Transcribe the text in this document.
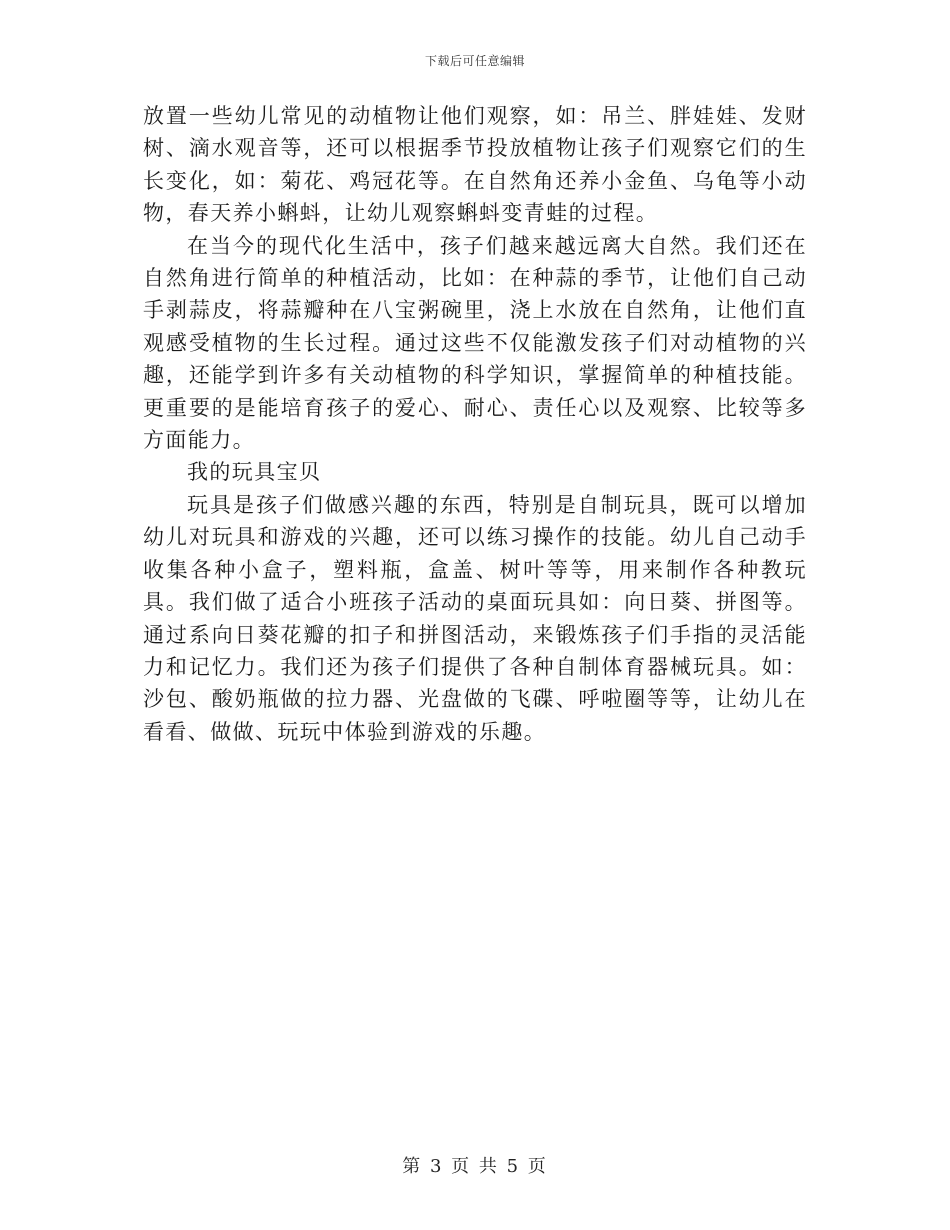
下载后可任意编辑

放置一些幼儿常见的动植物让他们观察，如：吊兰、胖娃娃、发财树、滴水观音等，还可以根据季节投放植物让孩子们观察它们的生长变化，如：菊花、鸡冠花等。在自然角还养小金鱼、乌龟等小动物，春天养小蝌蚪，让幼儿观察蝌蚪变青蛙的过程。

在当今的现代化生活中，孩子们越来越远离大自然。我们还在自然角进行简单的种植活动，比如：在种蒜的季节，让他们自己动手剥蒜皮，将蒜瓣种在八宝粥碗里，浇上水放在自然角，让他们直观感受植物的生长过程。通过这些不仅能激发孩子们对动植物的兴趣，还能学到许多有关动植物的科学知识，掌握简单的种植技能。更重要的是能培育孩子的爱心、耐心、责任心以及观察、比较等多方面能力。

我的玩具宝贝

玩具是孩子们做感兴趣的东西，特别是自制玩具，既可以增加幼儿对玩具和游戏的兴趣，还可以练习操作的技能。幼儿自己动手收集各种小盒子，塑料瓶，盒盖、树叶等等，用来制作各种教玩具。我们做了适合小班孩子活动的桌面玩具如：向日葵、拼图等。通过系向日葵花瓣的扣子和拼图活动，来锻炼孩子们手指的灵活能力和记忆力。我们还为孩子们提供了各种自制体育器械玩具。如：沙包、酸奶瓶做的拉力器、光盘做的飞碟、呼啦圈等等，让幼儿在看看、做做、玩玩中体验到游戏的乐趣。

第 3 页 共 5 页
